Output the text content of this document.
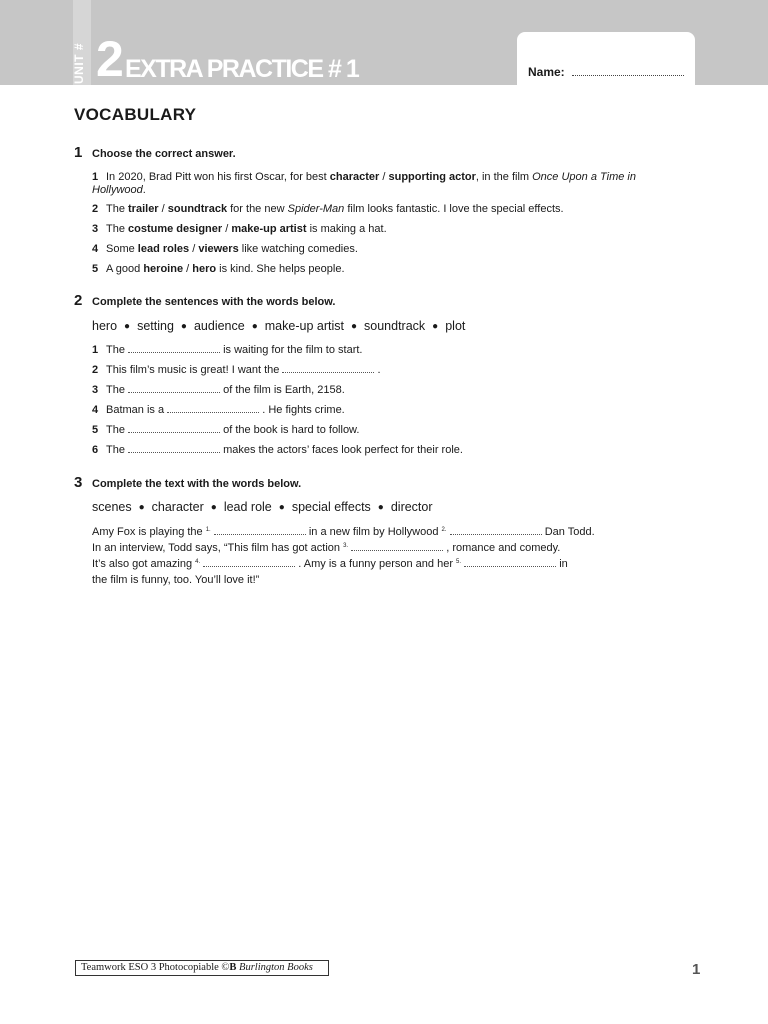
UNIT # 2 EXTRA PRACTICE # 1	Name:
VOCABULARY
1 Choose the correct answer.
1 In 2020, Brad Pitt won his first Oscar, for best character / supporting actor, in the film Once Upon a Time in Hollywood.
2 The trailer / soundtrack for the new Spider-Man film looks fantastic. I love the special effects.
3 The costume designer / make-up artist is making a hat.
4 Some lead roles / viewers like watching comedies.
5 A good heroine / hero is kind. She helps people.
2 Complete the sentences with the words below.
hero ● setting ● audience ● make-up artist ● soundtrack ● plot
1 The	is waiting for the film to start.
2 This film’s music is great! I want the	.
3 The	of the film is Earth, 2158.
4 Batman is a	. He fights crime.
5 The	of the book is hard to follow.
6 The	makes the actors’ faces look perfect for their role.
3 Complete the text with the words below.
scenes ● character ● lead role ● special effects ● director
Amy Fox is playing the $^{1.}$	in a new film by Hollywood $^{2.}$	Dan Todd.
In an interview, Todd says, “This film has got action $^{3.}$	, romance and comedy.
It’s also got amazing $^{4.}$	. Amy is a funny person and her $^{5.}$	in
the film is funny, too. You’ll love it!”
Teamwork ESO 3 Photocopiable ©B Burlington Books	1
